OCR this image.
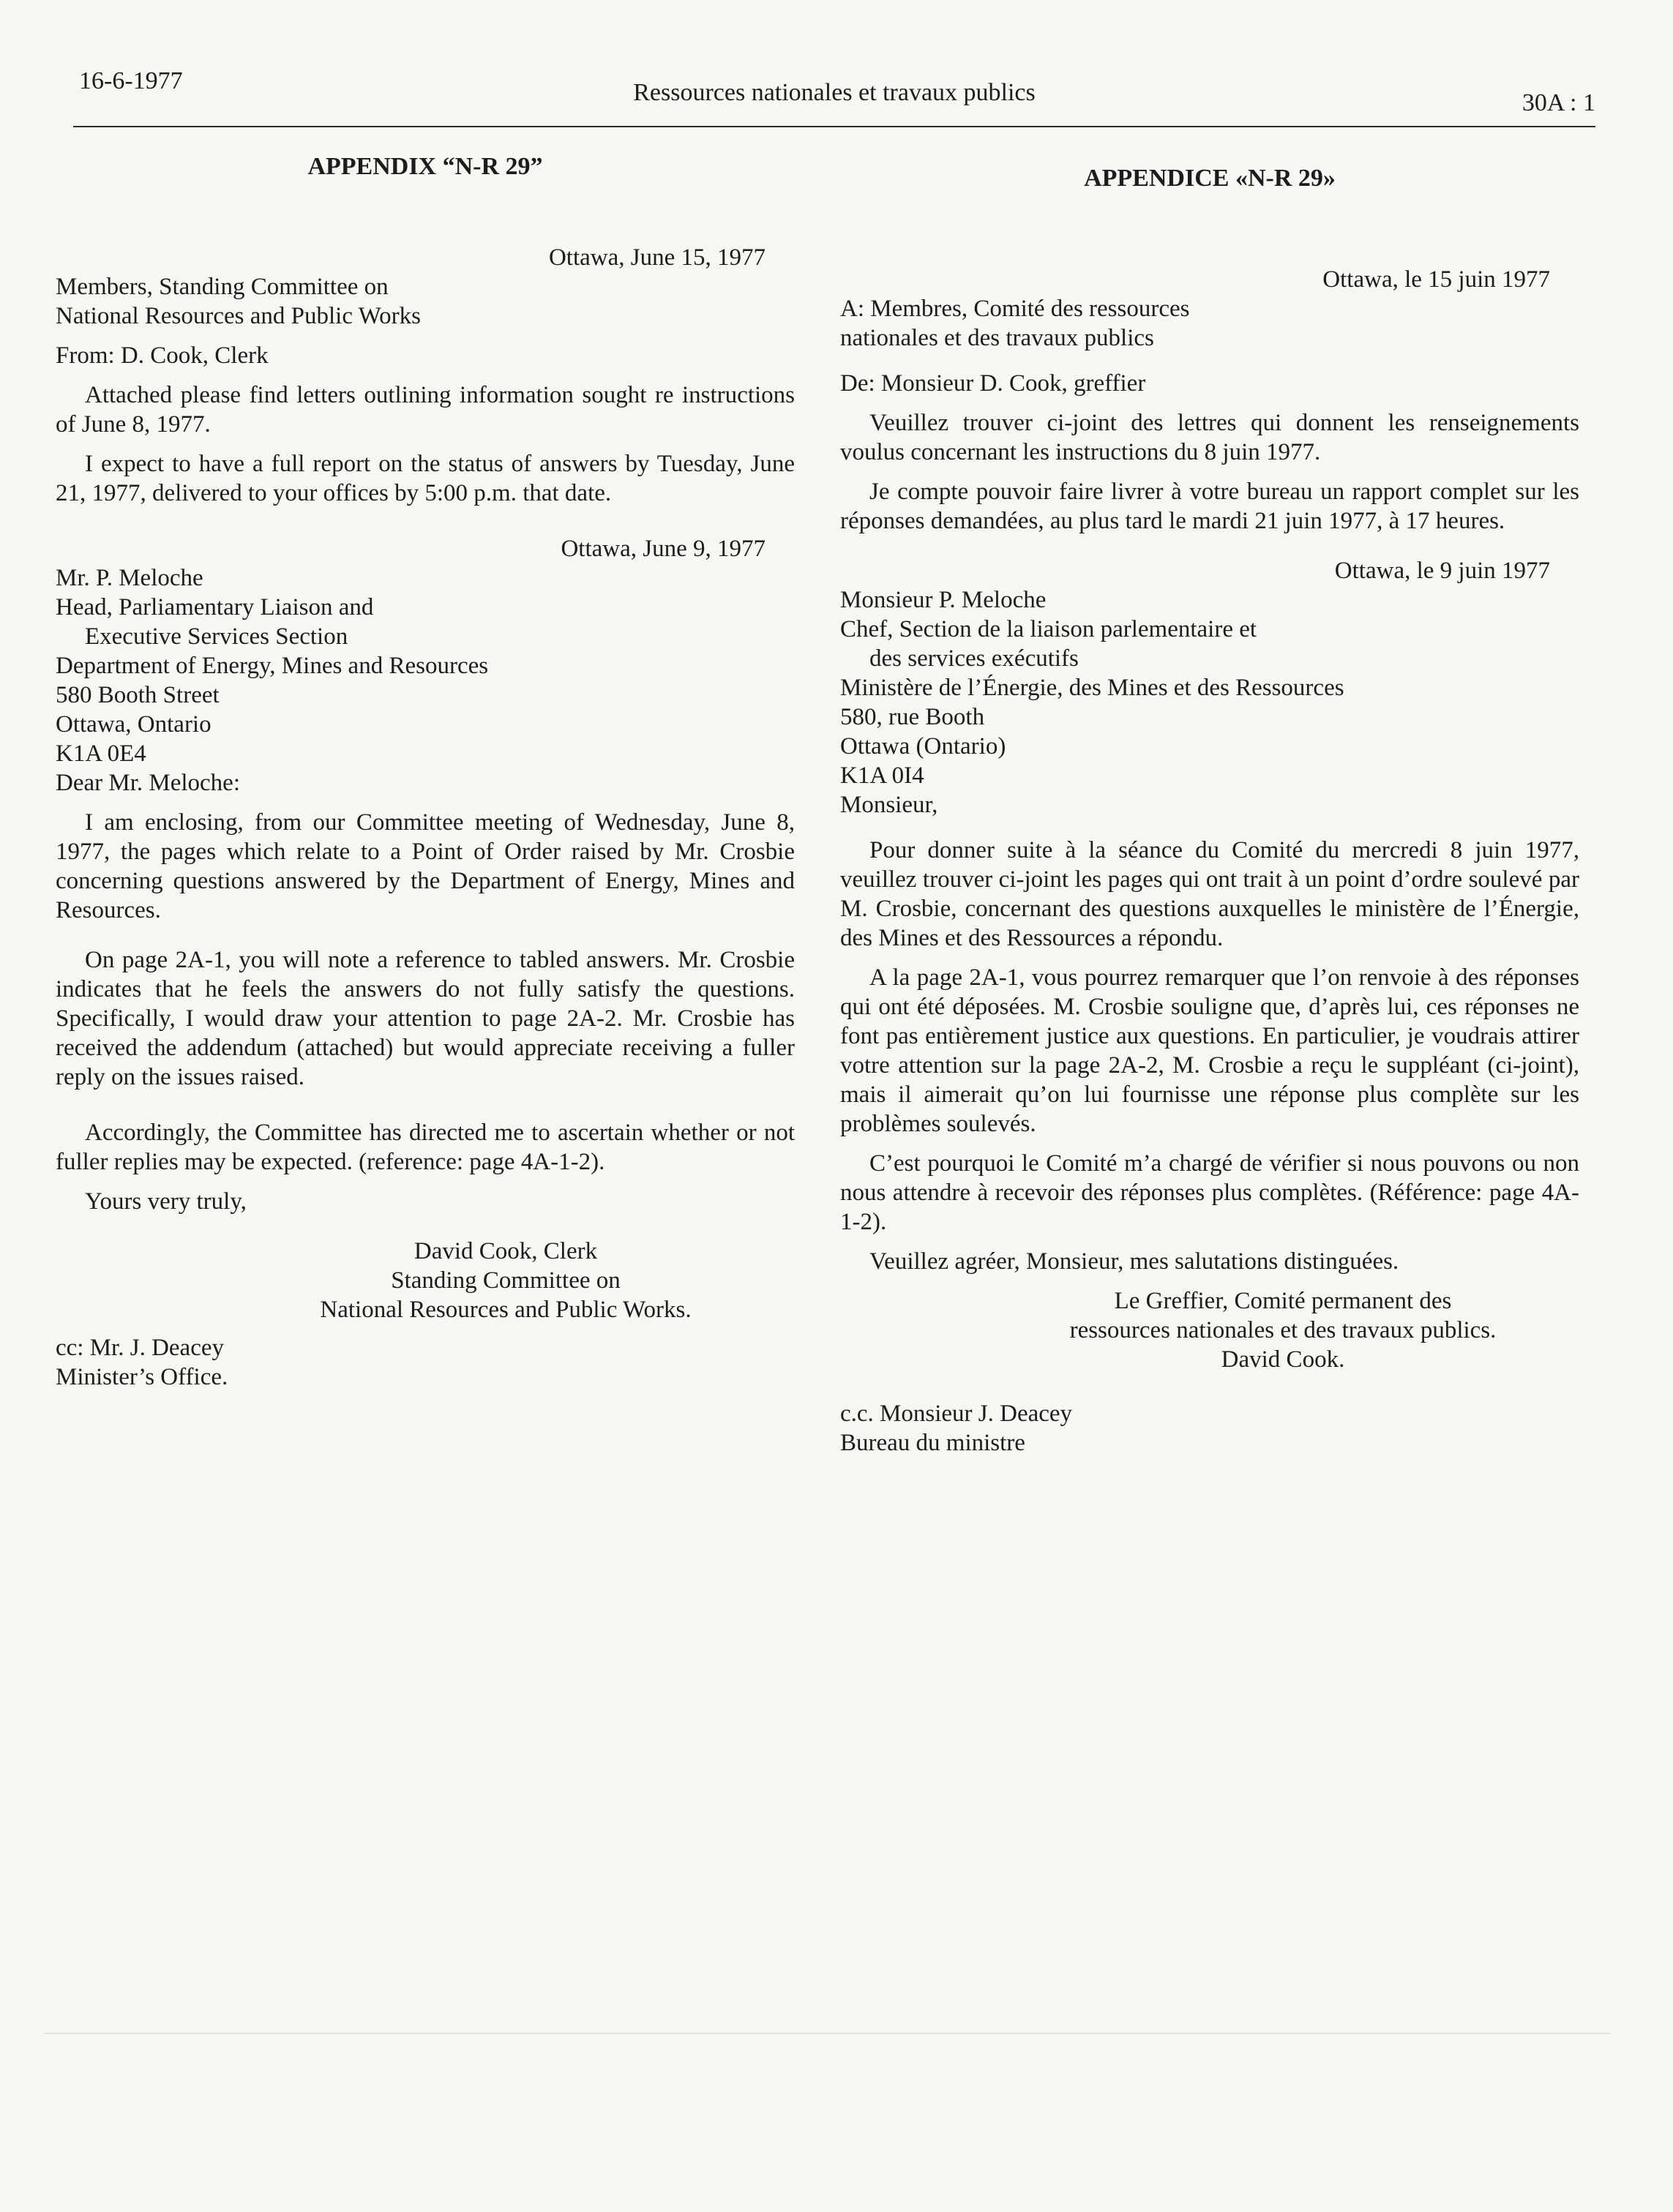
16-6-1977	Ressources nationales et travaux publics	30A : 1
APPENDIX “N-R 29”
Ottawa, June 15, 1977
Members, Standing Committee on
National Resources and Public Works
From: D. Cook, Clerk

Attached please find letters outlining information sought re instructions of June 8, 1977.

I expect to have a full report on the status of answers by Tuesday, June 21, 1977, delivered to your offices by 5:00 p.m. that date.

Ottawa, June 9, 1977
Mr. P. Meloche
Head, Parliamentary Liaison and
Executive Services Section
Department of Energy, Mines and Resources
580 Booth Street
Ottawa, Ontario
K1A 0E4
Dear Mr. Meloche:

I am enclosing, from our Committee meeting of Wednesday, June 8, 1977, the pages which relate to a Point of Order raised by Mr. Crosbie concerning questions answered by the Department of Energy, Mines and Resources.

On page 2A-1, you will note a reference to tabled answers. Mr. Crosbie indicates that he feels the answers do not fully satisfy the questions. Specifically, I would draw your attention to page 2A-2. Mr. Crosbie has received the addendum (attached) but would appreciate receiving a fuller reply on the issues raised.

Accordingly, the Committee has directed me to ascertain whether or not fuller replies may be expected. (reference: page 4A-1-2).

Yours very truly,

David Cook, Clerk
Standing Committee on
National Resources and Public Works.
cc: Mr. J. Deacey
Minister’s Office.
APPENDICE «N-R 29»
Ottawa, le 15 juin 1977
A: Membres, Comité des ressources
nationales et des travaux publics
De: Monsieur D. Cook, greffier

Veuillez trouver ci-joint des lettres qui donnent les renseignements voulus concernant les instructions du 8 juin 1977.

Je compte pouvoir faire livrer à votre bureau un rapport complet sur les réponses demandées, au plus tard le mardi 21 juin 1977, à 17 heures.

Ottawa, le 9 juin 1977
Monsieur P. Meloche
Chef, Section de la liaison parlementaire et
des services exécutifs
Ministère de l’Énergie, des Mines et des Ressources
580, rue Booth
Ottawa (Ontario)
K1A 0I4
Monsieur,

Pour donner suite à la séance du Comité du mercredi 8 juin 1977, veuillez trouver ci-joint les pages qui ont trait à un point d’ordre soulevé par M. Crosbie, concernant des questions auxquelles le ministère de l’Énergie, des Mines et des Ressources a répondu.

A la page 2A-1, vous pourrez remarquer que l’on renvoie à des réponses qui ont été déposées. M. Crosbie souligne que, d’après lui, ces réponses ne font pas entièrement justice aux questions. En particulier, je voudrais attirer votre attention sur la page 2A-2, M. Crosbie a reçu le suppléant (ci-joint), mais il aimerait qu’on lui fournisse une réponse plus complète sur les problèmes soulevés.

C’est pourquoi le Comité m’a chargé de vérifier si nous pouvons ou non nous attendre à recevoir des réponses plus complètes. (Référence: page 4A-1-2).

Veuillez agréer, Monsieur, mes salutations distinguées.

Le Greffier, Comité permanent des
ressources nationales et des travaux publics.
David Cook.
c.c. Monsieur J. Deacey
Bureau du ministre
